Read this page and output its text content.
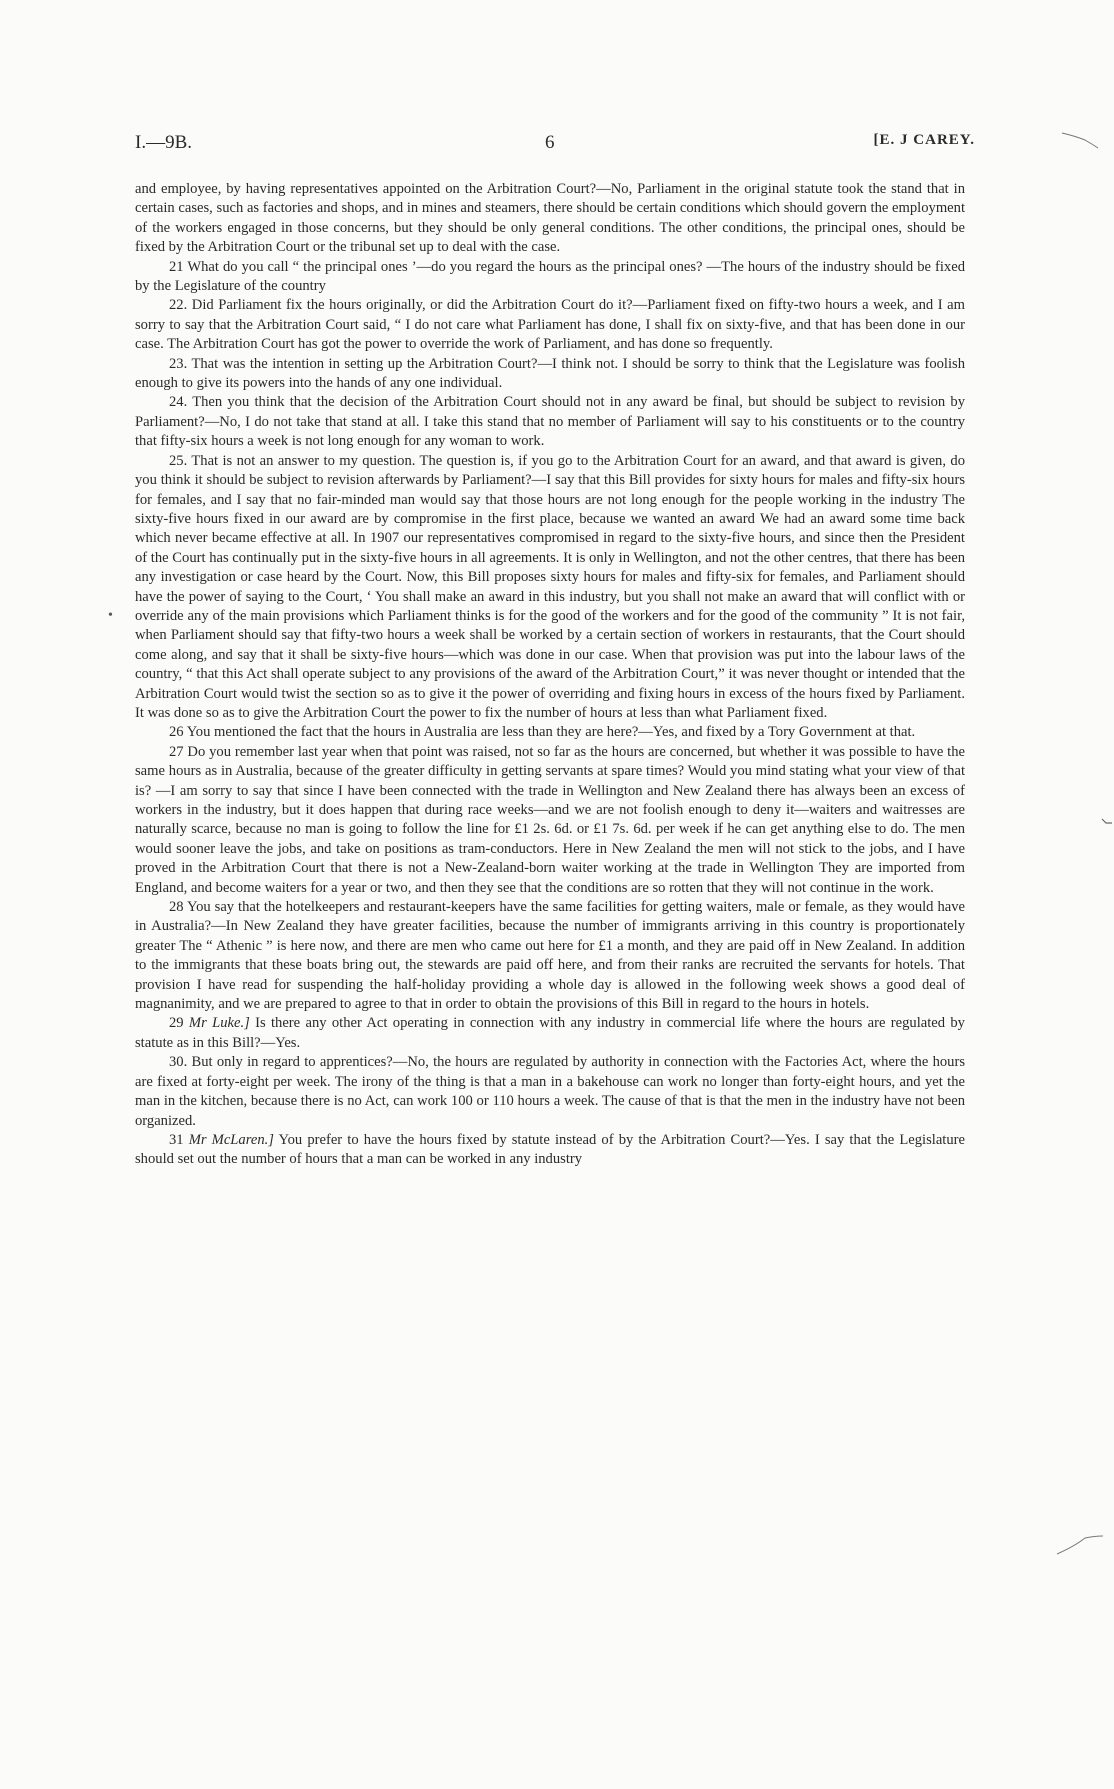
I.—9B.	6	[E. J CAREY.

and employee, by having representatives appointed on the Arbitration Court?—No, Parliament in the original statute took the stand that in certain cases, such as factories and shops, and in mines and steamers, there should be certain conditions which should govern the employment of the workers engaged in those concerns, but they should be only general conditions. The other conditions, the principal ones, should be fixed by the Arbitration Court or the tribunal set up to deal with the case.

21 What do you call “ the principal ones ’—do you regard the hours as the principal ones? —The hours of the industry should be fixed by the Legislature of the country

22. Did Parliament fix the hours originally, or did the Arbitration Court do it?—Parliament fixed on fifty-two hours a week, and I am sorry to say that the Arbitration Court said, “ I do not care what Parliament has done, I shall fix on sixty-five, and that has been done in our case. The Arbitration Court has got the power to override the work of Parliament, and has done so frequently.

23. That was the intention in setting up the Arbitration Court?—I think not. I should be sorry to think that the Legislature was foolish enough to give its powers into the hands of any one individual.

24. Then you think that the decision of the Arbitration Court should not in any award be final, but should be subject to revision by Parliament?—No, I do not take that stand at all. I take this stand that no member of Parliament will say to his constituents or to the country that fifty-six hours a week is not long enough for any woman to work.

25. That is not an answer to my question. The question is, if you go to the Arbitration Court for an award, and that award is given, do you think it should be subject to revision afterwards by Parliament?—I say that this Bill provides for sixty hours for males and fifty-six hours for females, and I say that no fair-minded man would say that those hours are not long enough for the people working in the industry The sixty-five hours fixed in our award are by compromise in the first place, because we wanted an award We had an award some time back which never became effective at all. In 1907 our representatives compromised in regard to the sixty-five hours, and since then the President of the Court has continually put in the sixty-five hours in all agreements. It is only in Wellington, and not the other centres, that there has been any investigation or case heard by the Court. Now, this Bill proposes sixty hours for males and fifty-six for females, and Parliament should have the power of saying to the Court, ‘ You shall make an award in this industry, but you shall not make an award that will conflict with or override any of the main provisions which Parliament thinks is for the good of the workers and for the good of the community ” It is not fair, when Parliament should say that fifty-two hours a week shall be worked by a certain section of workers in restaurants, that the Court should come along, and say that it shall be sixty-five hours—which was done in our case. When that provision was put into the labour laws of the country, “ that this Act shall operate subject to any provisions of the award of the Arbitration Court,” it was never thought or intended that the Arbitration Court would twist the section so as to give it the power of overriding and fixing hours in excess of the hours fixed by Parliament. It was done so as to give the Arbitration Court the power to fix the number of hours at less than what Parliament fixed.

26 You mentioned the fact that the hours in Australia are less than they are here?—Yes, and fixed by a Tory Government at that.

27 Do you remember last year when that point was raised, not so far as the hours are concerned, but whether it was possible to have the same hours as in Australia, because of the greater difficulty in getting servants at spare times? Would you mind stating what your view of that is? —I am sorry to say that since I have been connected with the trade in Wellington and New Zealand there has always been an excess of workers in the industry, but it does happen that during race weeks—and we are not foolish enough to deny it—waiters and waitresses are naturally scarce, because no man is going to follow the line for £1 2s. 6d. or £1 7s. 6d. per week if he can get anything else to do. The men would sooner leave the jobs, and take on positions as tram-conductors. Here in New Zealand the men will not stick to the jobs, and I have proved in the Arbitration Court that there is not a New-Zealand-born waiter working at the trade in Wellington They are imported from England, and become waiters for a year or two, and then they see that the conditions are so rotten that they will not continue in the work.

28 You say that the hotelkeepers and restaurant-keepers have the same facilities for getting waiters, male or female, as they would have in Australia?—In New Zealand they have greater facilities, because the number of immigrants arriving in this country is proportionately greater The “ Athenic ” is here now, and there are men who came out here for £1 a month, and they are paid off in New Zealand. In addition to the immigrants that these boats bring out, the stewards are paid off here, and from their ranks are recruited the servants for hotels. That provision I have read for suspending the half-holiday providing a whole day is allowed in the following week shows a good deal of magnanimity, and we are prepared to agree to that in order to obtain the provisions of this Bill in regard to the hours in hotels.

29 Mr Luke.] Is there any other Act operating in connection with any industry in commercial life where the hours are regulated by statute as in this Bill?—Yes.

30. But only in regard to apprentices?—No, the hours are regulated by authority in connection with the Factories Act, where the hours are fixed at forty-eight per week. The irony of the thing is that a man in a bakehouse can work no longer than forty-eight hours, and yet the man in the kitchen, because there is no Act, can work 100 or 110 hours a week. The cause of that is that the men in the industry have not been organized.

31 Mr McLaren.] You prefer to have the hours fixed by statute instead of by the Arbitration Court?—Yes. I say that the Legislature should set out the number of hours that a man can be worked in any industry

•
